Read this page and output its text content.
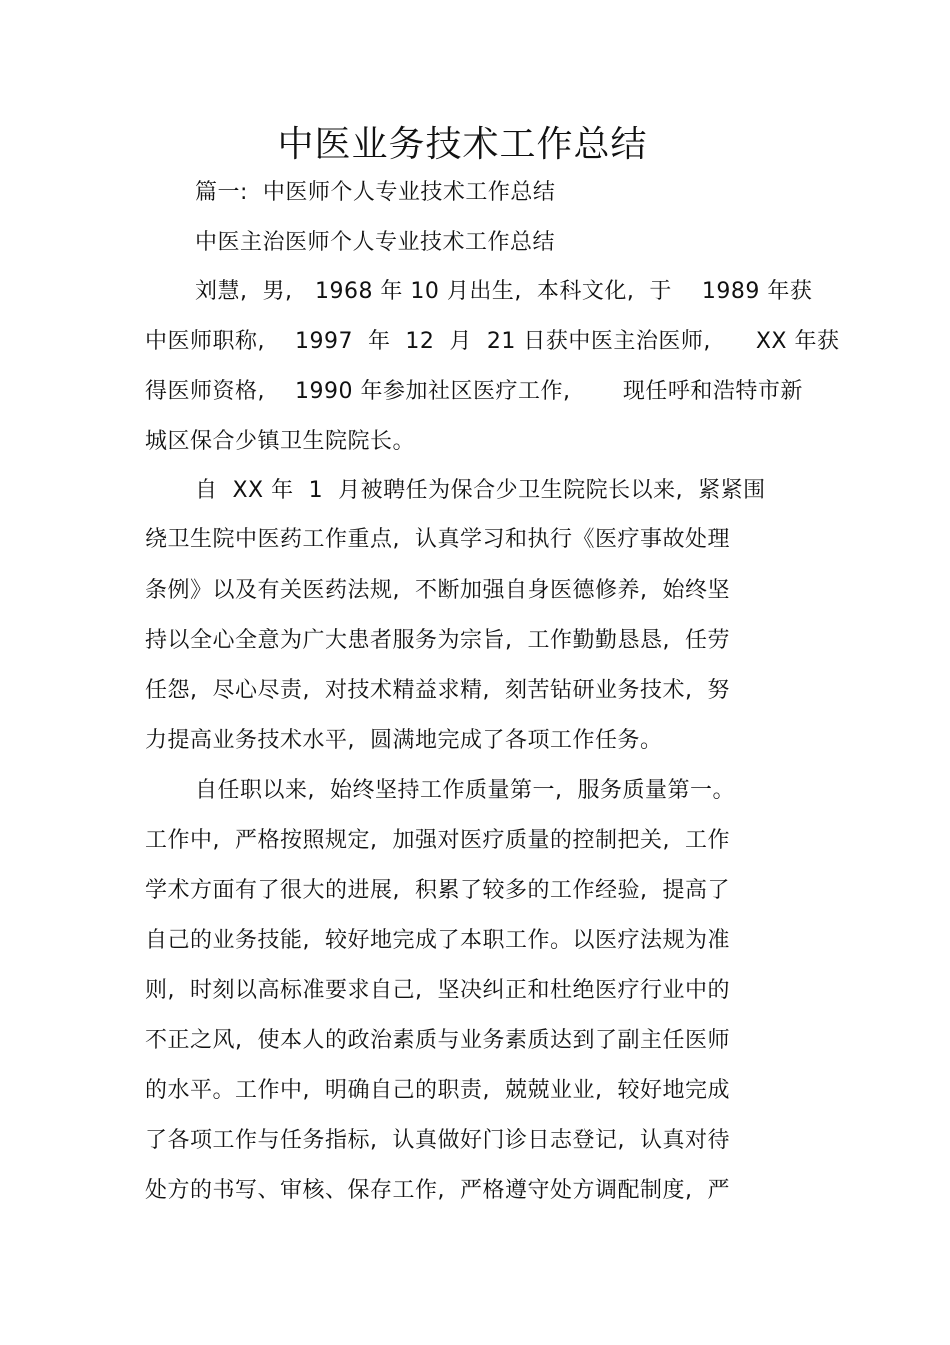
中医业务技术工作总结
篇一:  中医师个人专业技术工作总结
中医主治医师个人专业技术工作总结
刘慧,  男,   1968 年 10 月出生,  本科文化,  于    1989 年获
中医师职称,    1997  年  12  月  21 日获中医主治医师,      XX 年获
得医师资格,    1990 年参加社区医疗工作,       现任呼和浩特市新
城区保合少镇卫生院院长。
自  XX 年  1  月被聘任为保合少卫生院院长以来,  紧紧围
绕卫生院中医药工作重点,  认真学习和执行《医疗事故处理
条例》以及有关医药法规,  不断加强自身医德修养,  始终坚
持以全心全意为广大患者服务为宗旨,  工作勤勤恳恳,  任劳
任怨,  尽心尽责,  对技术精益求精,  刻苦钻研业务技术,  努
力提高业务技术水平,  圆满地完成了各项工作任务。
自任职以来,  始终坚持工作质量第一,  服务质量第一。
工作中,  严格按照规定,  加强对医疗质量的控制把关,  工作
学术方面有了很大的进展,  积累了较多的工作经验,  提高了
自己的业务技能,  较好地完成了本职工作。以医疗法规为准
则,  时刻以高标准要求自己,  坚决纠正和杜绝医疗行业中的
不正之风,  使本人的政治素质与业务素质达到了副主任医师
的水平。工作中,  明确自己的职责,  兢兢业业,  较好地完成
了各项工作与任务指标,  认真做好门诊日志登记,  认真对待
处方的书写、审核、保存工作,  严格遵守处方调配制度,  严
